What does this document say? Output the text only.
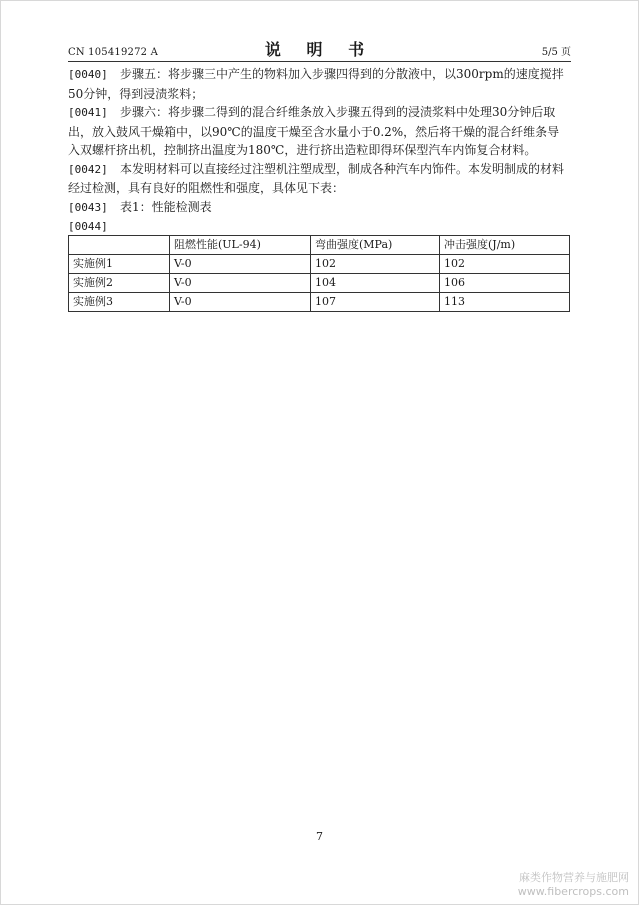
CN 105419272 A	说 明 书	5/5 页

[0040] 步骤五：将步骤三中产生的物料加入步骤四得到的分散液中，以300rpm的速度搅拌50分钟，得到浸渍浆料；

[0041] 步骤六：将步骤二得到的混合纤维条放入步骤五得到的浸渍浆料中处理30分钟后取出，放入鼓风干燥箱中，以90℃的温度干燥至含水量小于0.2%，然后将干燥的混合纤维条导入双螺杆挤出机，控制挤出温度为180℃，进行挤出造粒即得环保型汽车内饰复合材料。

[0042] 本发明材料可以直接经过注塑机注塑成型，制成各种汽车内饰件。本发明制成的材料经过检测，具有良好的阻燃性和强度，具体见下表：

[0043] 表1：性能检测表

[0044]

	阻燃性能(UL-94)	弯曲强度(MPa)	冲击强度(J/m)
实施例1	V-0	102	102
实施例2	V-0	104	106
实施例3	V-0	107	113
7
麻类作物营养与施肥网
www.fibercrops.com
